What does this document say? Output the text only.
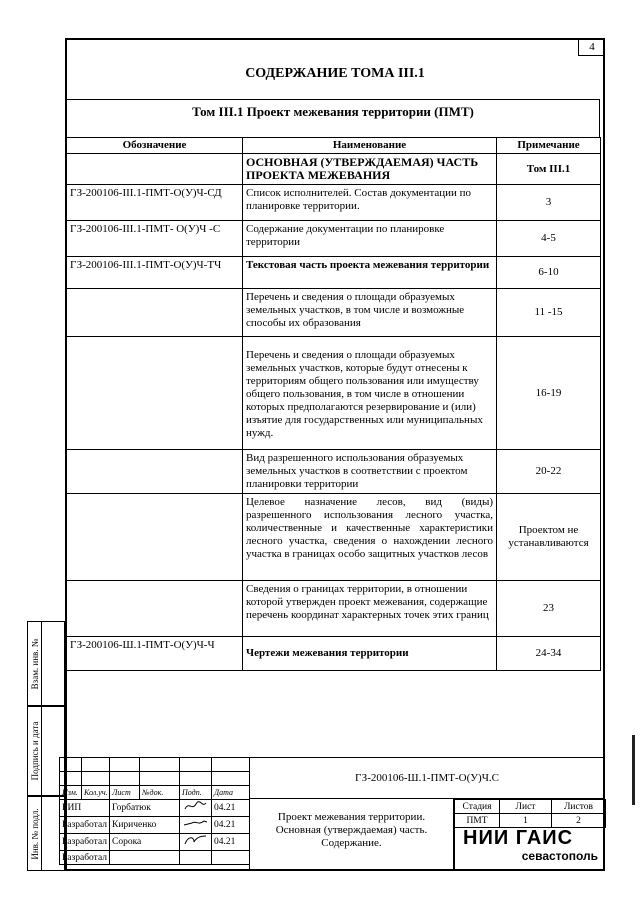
4
СОДЕРЖАНИЕ ТОМА III.1
Том III.1 Проект межевания территории (ПМТ)
Обозначение	Наименование	Примечание
	ОСНОВНАЯ (УТВЕРЖДАЕМАЯ) ЧАСТЬ ПРОЕКТА МЕЖЕВАНИЯ	Том III.1
ГЗ-200106-III.1-ПМТ-О(У)Ч-СД	Список исполнителей. Состав документации по планировке территории.	3
ГЗ-200106-III.1-ПМТ- О(У)Ч -С	Содержание документации по планировке территории	4-5
ГЗ-200106-III.1-ПМТ-О(У)Ч-ТЧ	Текстовая часть проекта межевания территории	6-10
	Перечень и сведения о площади образуемых земельных участков, в том числе и возможные способы их образования	11 -15
	Перечень и сведения о площади образуемых земельных участков, которые будут отнесены к территориям общего пользования или имуществу общего пользования, в том числе в отношении которых предполагаются резервирование и (или) изъятие для государственных или муниципальных нужд.	16-19
	Вид разрешенного использования образуемых земельных участков в соответствии с проектом планировки территории	20-22
	Целевое назначение лесов, вид (виды) разрешенного использования лесного участка, количественные и качественные характеристики лесного участка, сведения о нахождении лесного участка в границах особо защитных участков лесов	Проектом не устанавливаются
	Сведения о границах территории, в отношении которой утвержден проект межевания, содержащие перечень координат характерных точек этих границ	23
ГЗ-200106-Ш.1-ПМТ-О(У)Ч-Ч	Чертежи межевания территории	24-34
Взам. инв. №
Подпись и дата
Инв. № подл.

Изм.	Кол.уч.	Лист	№док.	Подп.	Дата
ГИП	Горбатюк		04.21
Разработал	Кириченко		04.21
Разработал	Сорока		04.21
Разработал			
ГЗ-200106-Ш.1-ПМТ-О(У)Ч.С
Проект межевания территории. Основная (утверждаемая) часть. Содержание.
Стадия	Лист	Листов
ПМТ	1	2
НИИ ГАИС
севастополь
